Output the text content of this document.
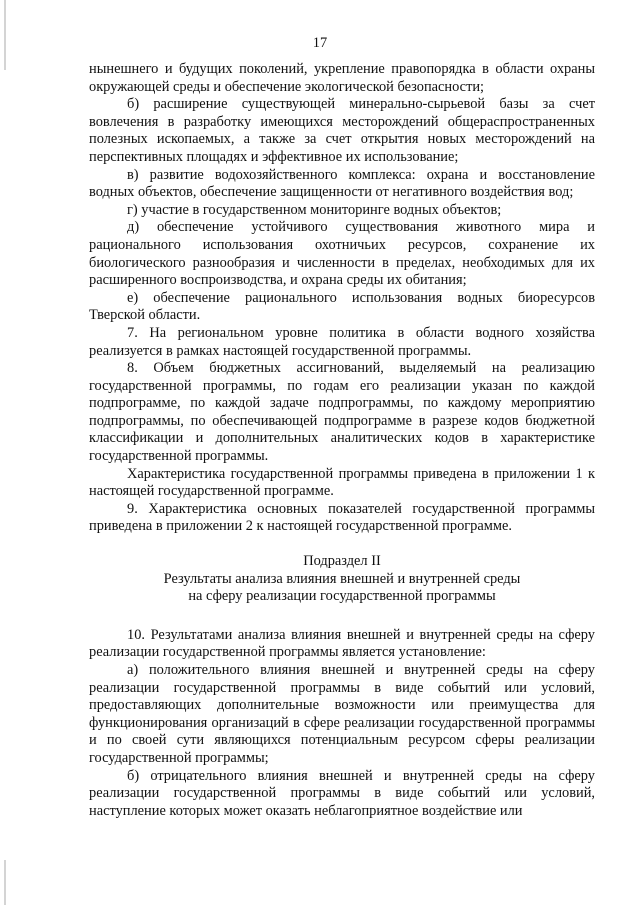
17

нынешнего и будущих поколений, укрепление правопорядка в области охраны окружающей среды и обеспечение экологической безопасности;

б) расширение существующей минерально-сырьевой базы за счет вовлечения в разработку имеющихся месторождений общераспространенных полезных ископаемых, а также за счет открытия новых месторождений на перспективных площадях и эффективное их использование;

в) развитие водохозяйственного комплекса: охрана и восстановление водных объектов, обеспечение защищенности от негативного воздействия вод;

г) участие в государственном мониторинге водных объектов;

д) обеспечение устойчивого существования животного мира и рационального использования охотничьих ресурсов, сохранение их биологического разнообразия и численности в пределах, необходимых для их расширенного воспроизводства, и охрана среды их обитания;

е) обеспечение рационального использования водных биоресурсов Тверской области.

7. На региональном уровне политика в области водного хозяйства реализуется в рамках настоящей государственной программы.

8. Объем бюджетных ассигнований, выделяемый на реализацию государственной программы, по годам его реализации указан по каждой подпрограмме, по каждой задаче подпрограммы, по каждому мероприятию подпрограммы, по обеспечивающей подпрограмме в разрезе кодов бюджетной классификации и дополнительных аналитических кодов в характеристике государственной программы.

Характеристика государственной программы приведена в приложении 1 к настоящей государственной программе.

9. Характеристика основных показателей государственной программы приведена в приложении 2 к настоящей государственной программе.

Подраздел II

Результаты анализа влияния внешней и внутренней среды

на сферу реализации государственной программы

10. Результатами анализа влияния внешней и внутренней среды на сферу реализации государственной программы является установление:

а) положительного влияния внешней и внутренней среды на сферу реализации государственной программы в виде событий или условий, предоставляющих дополнительные возможности или преимущества для функционирования организаций в сфере реализации государственной программы и по своей сути являющихся потенциальным ресурсом сферы реализации государственной программы;

б) отрицательного влияния внешней и внутренней среды на сферу реализации государственной программы в виде событий или условий, наступление которых может оказать неблагоприятное воздействие или
